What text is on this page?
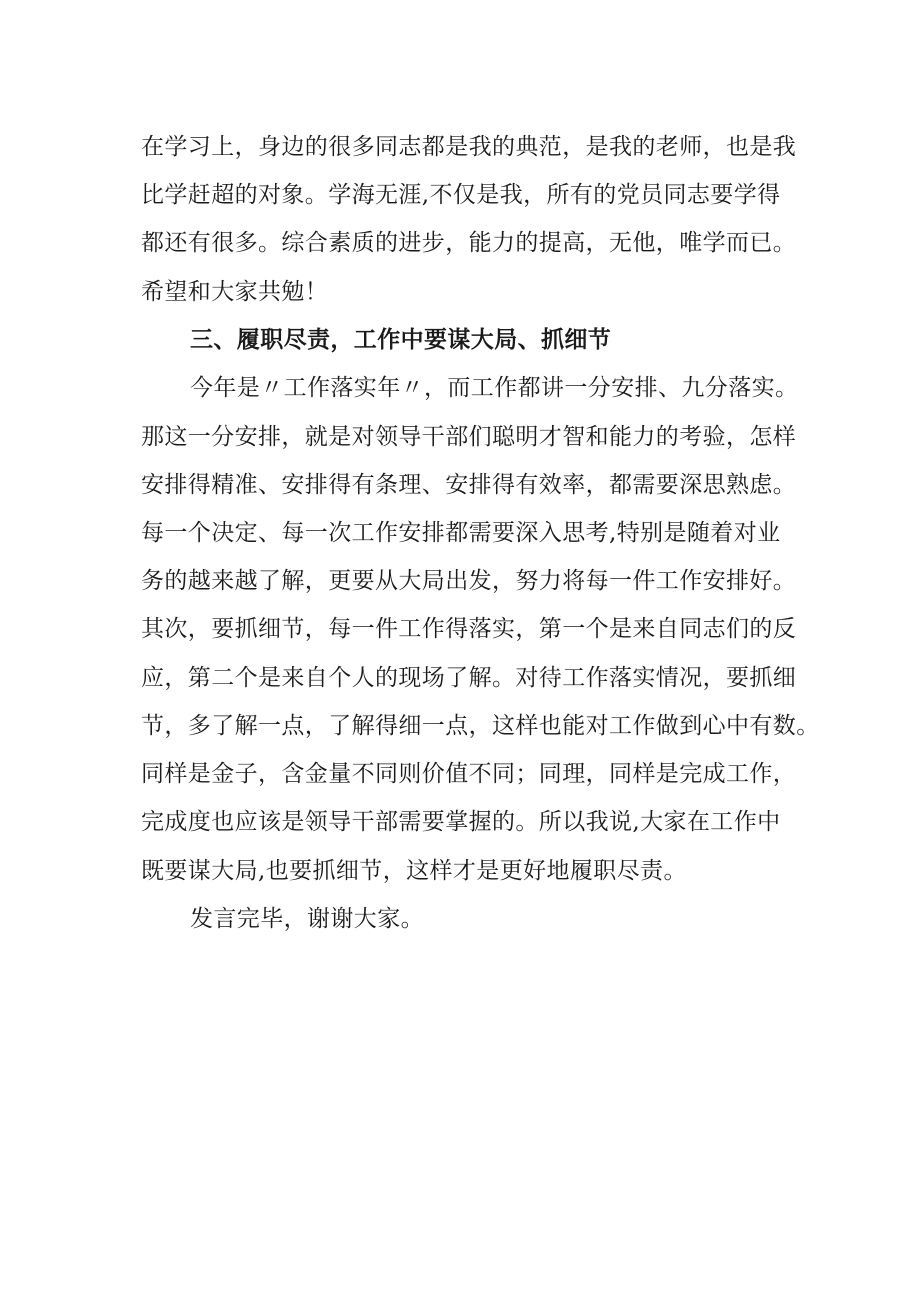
在学习上，身边的很多同志都是我的典范，是我的老师，也是我
比学赶超的对象。学海无涯,不仅是我，所有的党员同志要学得
都还有很多。综合素质的进步，能力的提高，无他，唯学而已。
希望和大家共勉！
三、履职尽责，工作中要谋大局、抓细节
今年是〃工作落实年〃，而工作都讲一分安排、九分落实。
那这一分安排，就是对领导干部们聪明才智和能力的考验，怎样
安排得精准、安排得有条理、安排得有效率，都需要深思熟虑。
每一个决定、每一次工作安排都需要深入思考,特别是随着对业
务的越来越了解，更要从大局出发，努力将每一件工作安排好。
其次，要抓细节，每一件工作得落实，第一个是来自同志们的反
应，第二个是来自个人的现场了解。对待工作落实情况，要抓细
节，多了解一点，了解得细一点，这样也能对工作做到心中有数。
同样是金子，含金量不同则价值不同；同理，同样是完成工作，
完成度也应该是领导干部需要掌握的。所以我说,大家在工作中
既要谋大局,也要抓细节，这样才是更好地履职尽责。
发言完毕，谢谢大家。
